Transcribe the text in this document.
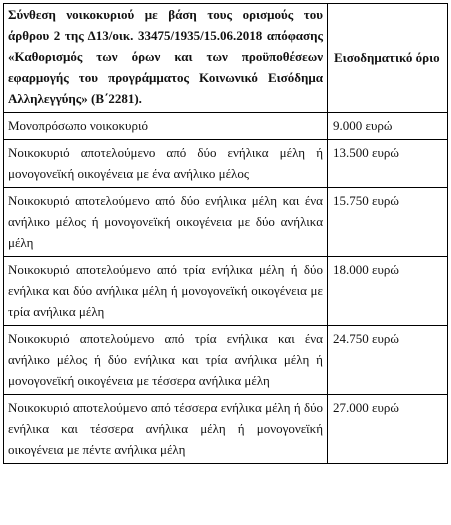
Σύνθεση νοικοκυριού με βάση τους ορισμούς του άρθρου 2 της Δ13/οικ. 33475/1935/15.06.2018 απόφασης «Καθορισμός των όρων και των προϋποθέσεων εφαρμογής του προγράμματος Κοινωνικό Εισόδημα Αλληλεγγύης» (Β΄2281).	Εισοδηματικό όριο
Μονοπρόσωπο νοικοκυριό	9.000 ευρώ
Νοικοκυριό αποτελούμενο από δύο ενήλικα μέλη ή μονογονεϊκή οικογένεια με ένα ανήλικο μέλος	13.500 ευρώ
Νοικοκυριό αποτελούμενο από δύο ενήλικα μέλη και ένα ανήλικο μέλος ή μονογονεϊκή οικογένεια με δύο ανήλικα μέλη	15.750 ευρώ
Νοικοκυριό αποτελούμενο από τρία ενήλικα μέλη ή δύο ενήλικα και δύο ανήλικα μέλη ή μονογονεϊκή οικογένεια με τρία ανήλικα μέλη	18.000 ευρώ
Νοικοκυριό αποτελούμενο από τρία ενήλικα και ένα ανήλικο μέλος ή δύο ενήλικα και τρία ανήλικα μέλη ή μονογονεϊκή οικογένεια με τέσσερα ανήλικα μέλη	24.750 ευρώ
Νοικοκυριό αποτελούμενο από τέσσερα ενήλικα μέλη ή δύο ενήλικα και τέσσερα ανήλικα μέλη ή μονογονεϊκή οικογένεια με πέντε ανήλικα μέλη	27.000 ευρώ
